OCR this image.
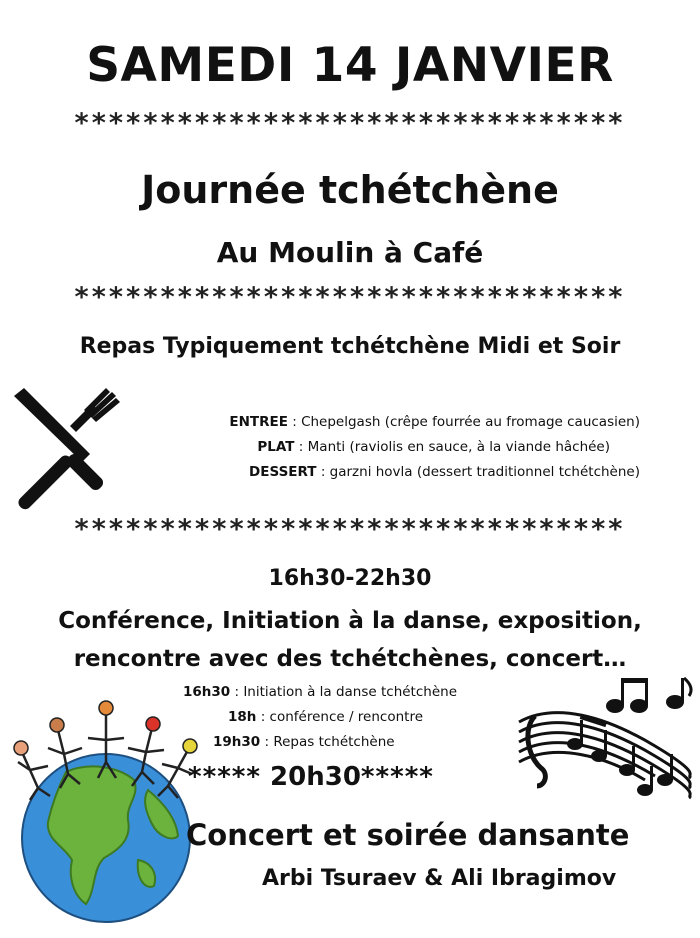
SAMEDI 14 JANVIER
********************************
Journée tchétchène
Au Moulin à Café
********************************
Repas Typiquement tchétchène Midi et Soir
ENTREE : Chepelgash (crêpe fourrée au fromage caucasien)
PLAT : Manti (raviolis en sauce, à la viande hâchée)
DESSERT : garzni hovla (dessert traditionnel tchétchène)
********************************
16h30-22h30
Conférence, Initiation à la danse, exposition,
rencontre avec des tchétchènes, concert…
16h30 : Initiation à la danse tchétchène
18h : conférence / rencontre
19h30 : Repas tchétchène
***** 20h30*****
Concert et soirée dansante
Arbi Tsuraev & Ali Ibragimov
